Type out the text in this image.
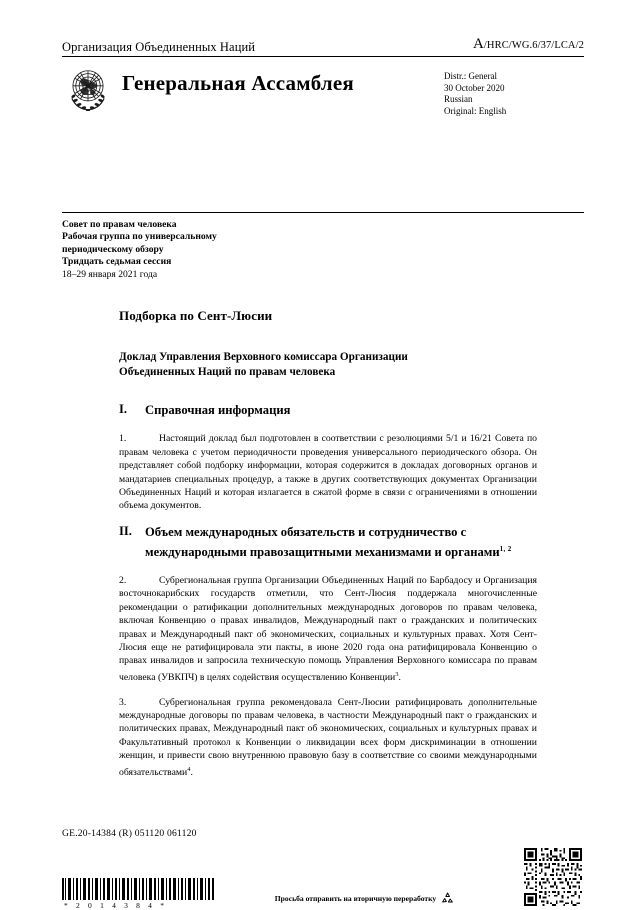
Организация Объединенных Наций	A/HRC/WG.6/37/LCA/2
Генеральная Ассамблея	Distr.: General
30 October 2020
Russian
Original: English
Совет по правам человека
Рабочая группа по универсальному
периодическому обзору
Тридцать седьмая сессия
18–29 января 2021 года
Подборка по Сент-Люсии
Доклад Управления Верховного комиссара Организации
Объединенных Наций по правам человека
I.	Справочная информация

1.	Настоящий доклад был подготовлен в соответствии с резолюциями 5/1 и 16/21 Совета по правам человека с учетом периодичности проведения универсального периодического обзора. Он представляет собой подборку информации, которая содержится в докладах договорных органов и мандатариев специальных процедур, а также в других соответствующих документах Организации Объединенных Наций и которая излагается в сжатой форме в связи с ограничениями в отношении объема документов.

II.	Объем международных обязательств и сотрудничество с международными правозащитными механизмами и органами$^{1, 2}$

2.	Субрегиональная группа Организации Объединенных Наций по Барбадосу и Организация восточнокарибских государств отметили, что Сент-Люсия поддержала многочисленные рекомендации о ратификации дополнительных международных договоров по правам человека, включая Конвенцию о правах инвалидов, Международный пакт о гражданских и политических правах и Международный пакт об экономических, социальных и культурных правах. Хотя Сент-Люсия еще не ратифицировала эти пакты, в июне 2020 года она ратифицировала Конвенцию о правах инвалидов и запросила техническую помощь Управления Верховного комиссара по правам человека (УВКПЧ) в целях содействия осуществлению Конвенции$^3$.

3.	Субрегиональная группа рекомендовала Сент-Люсии ратифицировать дополнительные международные договоры по правам человека, в частности Международный пакт о гражданских и политических правах, Международный пакт об экономических, социальных и культурных правах и Факультативный протокол к Конвенции о ликвидации всех форм дискриминации в отношении женщин, и привести свою внутреннюю правовую базу в соответствие со своими международными обязательствами$^4$.

GE.20-14384 (R) 051120 061120
* 2 0 1 4 3 8 4 *
Просьба отправить на вторичную переработку
